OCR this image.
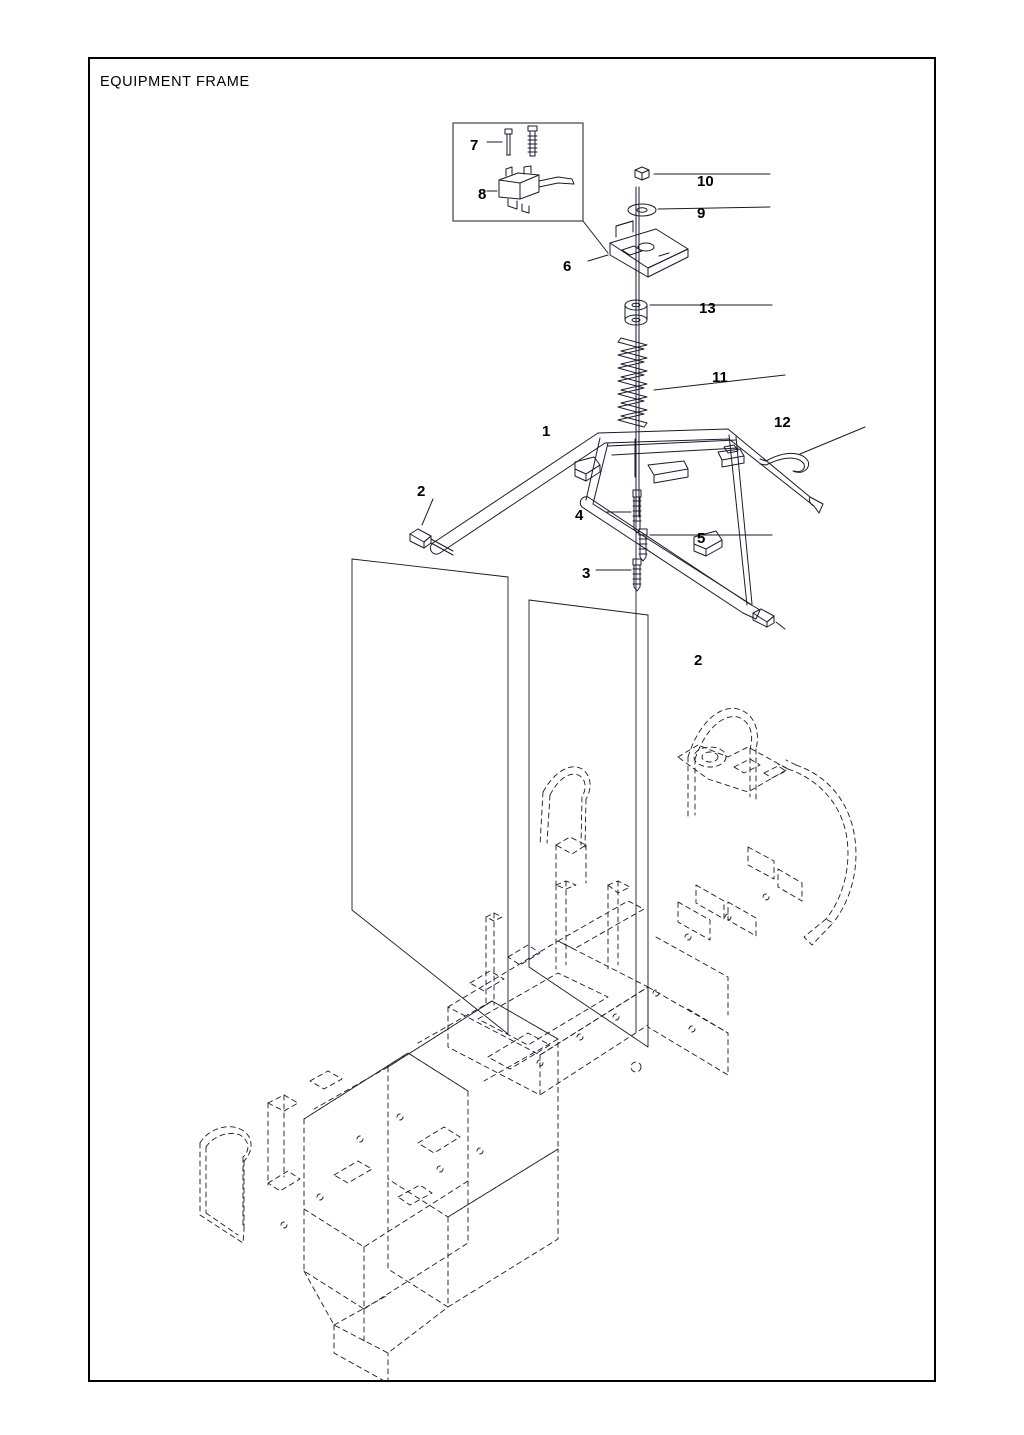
EQUIPMENT FRAME
1
2
2
3
4
5
6
7
8
9
10
11
12
13
